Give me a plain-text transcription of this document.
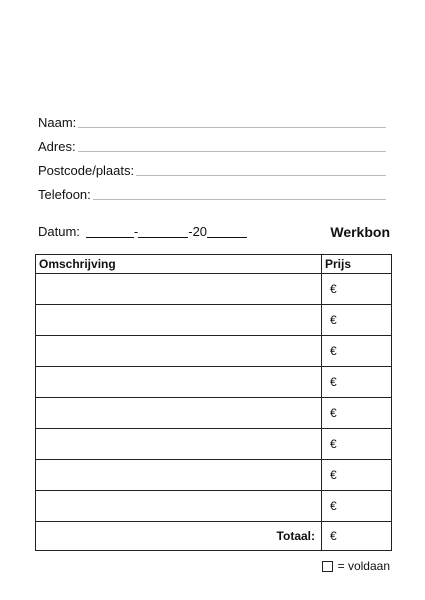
Naam:
Adres:
Postcode/plaats:
Telefoon:
Datum:	-	-20	Werkbon
Omschrijving	Prijs
	€
	€
	€
	€
	€
	€
	€
	€
Totaal:	€
= voldaan
